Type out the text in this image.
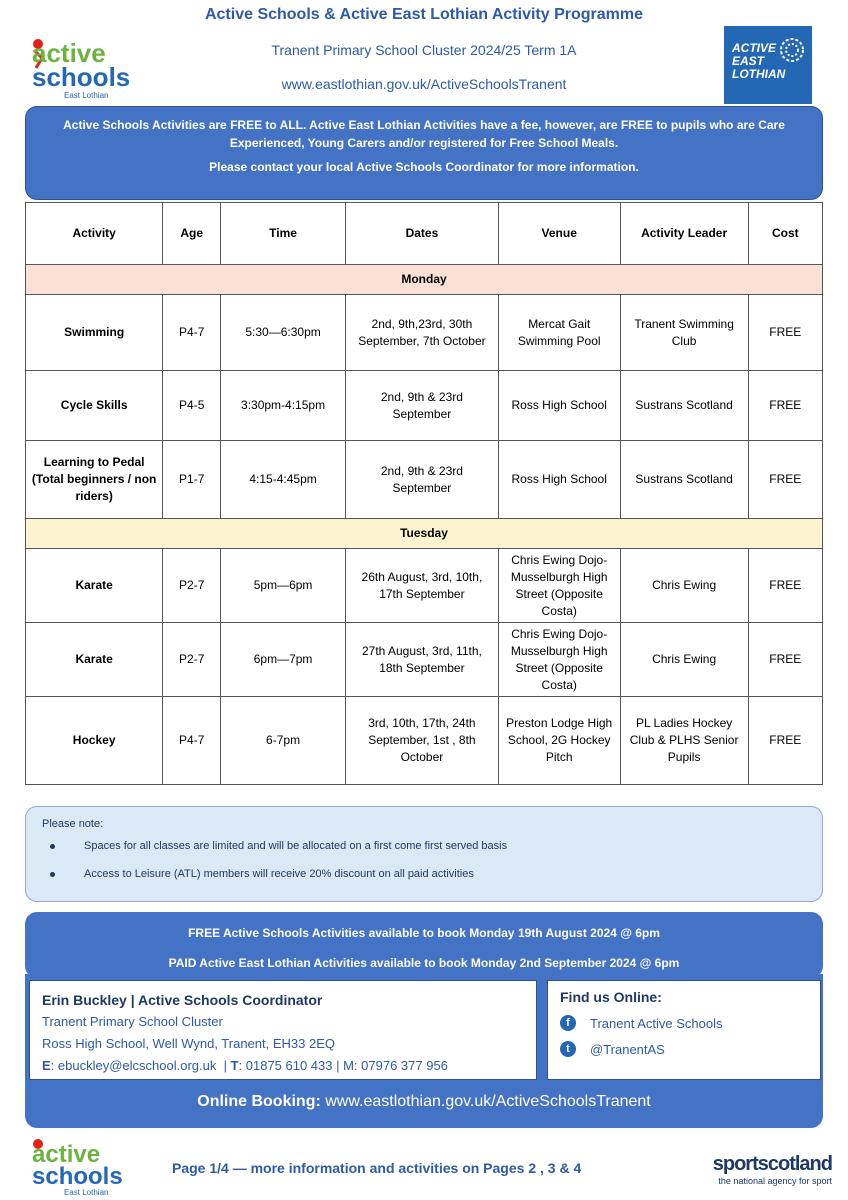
Active Schools & Active East Lothian Activity Programme
Tranent Primary School Cluster 2024/25 Term 1A
www.eastlothian.gov.uk/ActiveSchoolsTranent
active
schools
East Lothian
ACTIVE
EAST
LOTHIAN

Active Schools Activities are FREE to ALL. Active East Lothian Activities have a fee, however, are FREE to pupils who are Care Experienced, Young Carers and/or registered for Free School Meals.

Please contact your local Active Schools Coordinator for more information.

Activity	Age	Time	Dates	Venue	Activity Leader	Cost
Monday						
Swimming	P4-7	5:30—6:30pm	2nd, 9th,23rd, 30th September, 7th October	Mercat Gait Swimming Pool	Tranent Swimming Club	FREE
Cycle Skills	P4-5	3:30pm-4:15pm	2nd, 9th & 23rd September	Ross High School	Sustrans Scotland	FREE
Learning to Pedal (Total beginners / non riders)	P1-7	4:15-4:45pm	2nd, 9th & 23rd September	Ross High School	Sustrans Scotland	FREE
Tuesday						
Karate	P2-7	5pm—6pm	26th August, 3rd, 10th, 17th September	Chris Ewing Dojo-Musselburgh High Street (Opposite Costa)	Chris Ewing	FREE
Karate	P2-7	6pm—7pm	27th August, 3rd, 11th, 18th September	Chris Ewing Dojo-Musselburgh High Street (Opposite Costa)	Chris Ewing	FREE
Hockey	P4-7	6-7pm	3rd, 10th, 17th, 24th September, 1st , 8th October	Preston Lodge High School, 2G Hockey Pitch	PL Ladies Hockey Club & PLHS Senior Pupils	FREE
Please note:
Spaces for all classes are limited and will be allocated on a first come first served basis
Access to Leisure (ATL) members will receive 20% discount on all paid activities

FREE Active Schools Activities available to book Monday 19th August 2024 @ 6pm

PAID Active East Lothian Activities available to book Monday 2nd September 2024 @ 6pm

Erin Buckley | Active Schools Coordinator
Tranent Primary School Cluster
Ross High School, Well Wynd, Tranent, EH33 2EQ
E: ebuckley@elcschool.org.uk  | T: 01875 610 433 | M: 07976 377 956
Find us Online:
f	Tranent Active Schools
t	@TranentAS
Online Booking: www.eastlothian.gov.uk/ActiveSchoolsTranent
active
schools
East Lothian
Page 1/4 — more information and activities on Pages 2 , 3 & 4	sportscotland
the national agency for sport
